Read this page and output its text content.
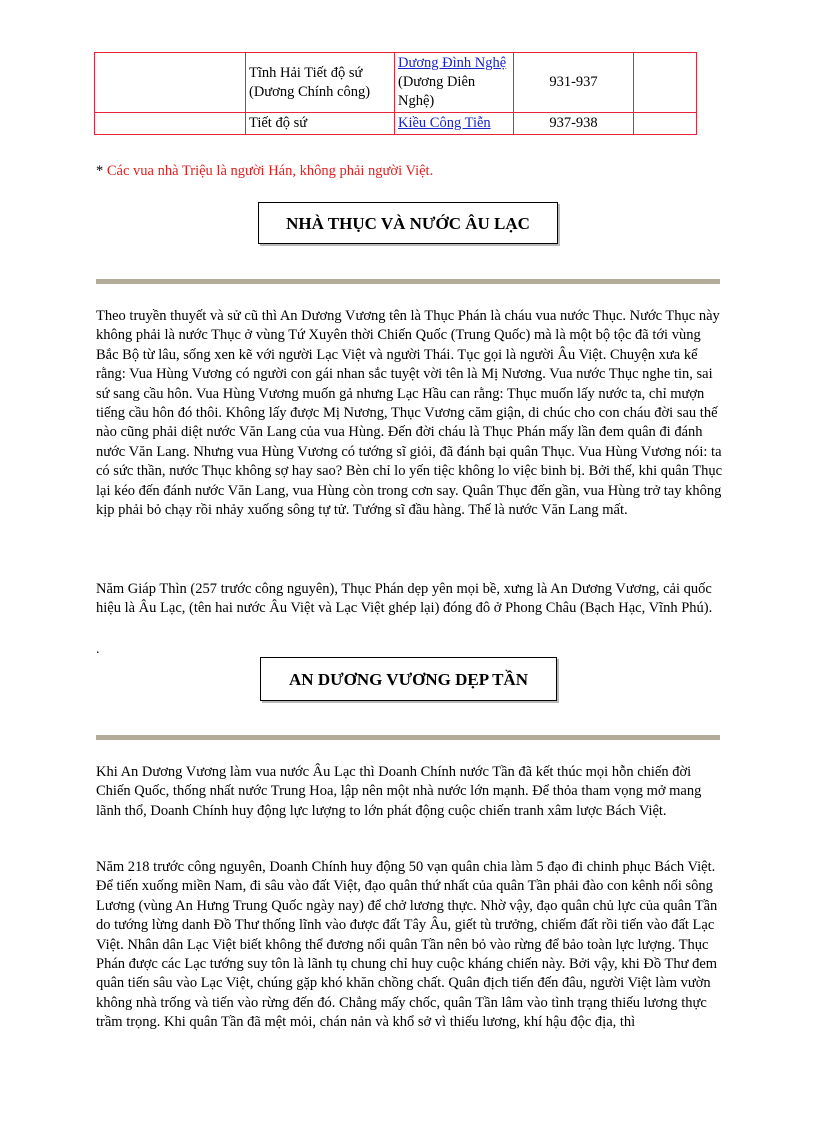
	Tĩnh Hải Tiết độ sứ (Dương Chính công)	Dương Đình Nghệ (Dương Diên Nghệ)	931-937	
	Tiết độ sứ	Kiều Công Tiễn	937-938	
* Các vua nhà Triệu là người Hán, không phải người Việt.
NHÀ THỤC VÀ NƯỚC ÂU LẠC

Theo truyền thuyết và sử cũ thì An Dương Vương tên là Thục Phán là cháu vua nước Thục. Nước Thục này không phải là nước Thục ở vùng Tứ Xuyên thời Chiến Quốc (Trung Quốc) mà là một bộ tộc đã tới vùng Bắc Bộ từ lâu, sống xen kẽ với người Lạc Việt và người Thái. Tục gọi là người Âu Việt. Chuyện xưa kể rằng: Vua Hùng Vương có người con gái nhan sắc tuyệt vời tên là Mị Nương. Vua nước Thục nghe tin, sai sứ sang cầu hôn. Vua Hùng Vương muốn gả nhưng Lạc Hầu can rằng: Thục muốn lấy nước ta, chỉ mượn tiếng cầu hôn đó thôi. Không lấy được Mị Nương, Thục Vương căm giận, di chúc cho con cháu đời sau thế nào cũng phải diệt nước Văn Lang của vua Hùng. Đến đời cháu là Thục Phán mấy lần đem quân đi đánh nước Văn Lang. Nhưng vua Hùng Vương có tướng sĩ giỏi, đã đánh bại quân Thục. Vua Hùng Vương nói: ta có sức thần, nước Thục không sợ hay sao? Bèn chỉ lo yến tiệc không lo việc binh bị. Bởi thế, khi quân Thục lại kéo đến đánh nước Văn Lang, vua Hùng còn trong cơn say. Quân Thục đến gần, vua Hùng trở tay không kịp phải bỏ chạy rồi nhảy xuống sông tự tử. Tướng sĩ đầu hàng. Thế là nước Văn Lang mất.

Năm Giáp Thìn (257 trước công nguyên), Thục Phán dẹp yên mọi bề, xưng là An Dương Vương, cải quốc hiệu là Âu Lạc, (tên hai nước Âu Việt và Lạc Việt ghép lại) đóng đô ở Phong Châu (Bạch Hạc, Vĩnh Phú).

.
AN DƯƠNG VƯƠNG DẸP TẦN

Khi An Dương Vương làm vua nước Âu Lạc thì Doanh Chính nước Tần đã kết thúc mọi hỗn chiến đời Chiến Quốc, thống nhất nước Trung Hoa, lập nên một nhà nước lớn mạnh. Để thỏa tham vọng mở mang lãnh thổ, Doanh Chính huy động lực lượng to lớn phát động cuộc chiến tranh xâm lược Bách Việt.

Năm 218 trước công nguyên, Doanh Chính huy động 50 vạn quân chia làm 5 đạo đi chinh phục Bách Việt. Để tiến xuống miền Nam, đi sâu vào đất Việt, đạo quân thứ nhất của quân Tần phải đào con kênh nối sông Lương (vùng An Hưng Trung Quốc ngày nay) để chở lương thực. Nhờ vậy, đạo quân chủ lực của quân Tần do tướng lừng danh Đồ Thư thống lĩnh vào được đất Tây Âu, giết tù trưởng, chiếm đất rồi tiến vào đất Lạc Việt. Nhân dân Lạc Việt biết không thể đương nổi quân Tần nên bỏ vào rừng để bảo toàn lực lượng. Thục Phán được các Lạc tướng suy tôn là lãnh tụ chung chỉ huy cuộc kháng chiến này. Bởi vậy, khi Đồ Thư đem quân tiến sâu vào Lạc Việt, chúng gặp khó khăn chồng chất. Quân địch tiến đến đâu, người Việt làm vườn không nhà trống và tiến vào rừng đến đó. Chẳng mấy chốc, quân Tần lâm vào tình trạng thiếu lương thực trầm trọng. Khi quân Tần đã mệt mỏi, chán nản và khổ sở vì thiếu lương, khí hậu độc địa, thì
